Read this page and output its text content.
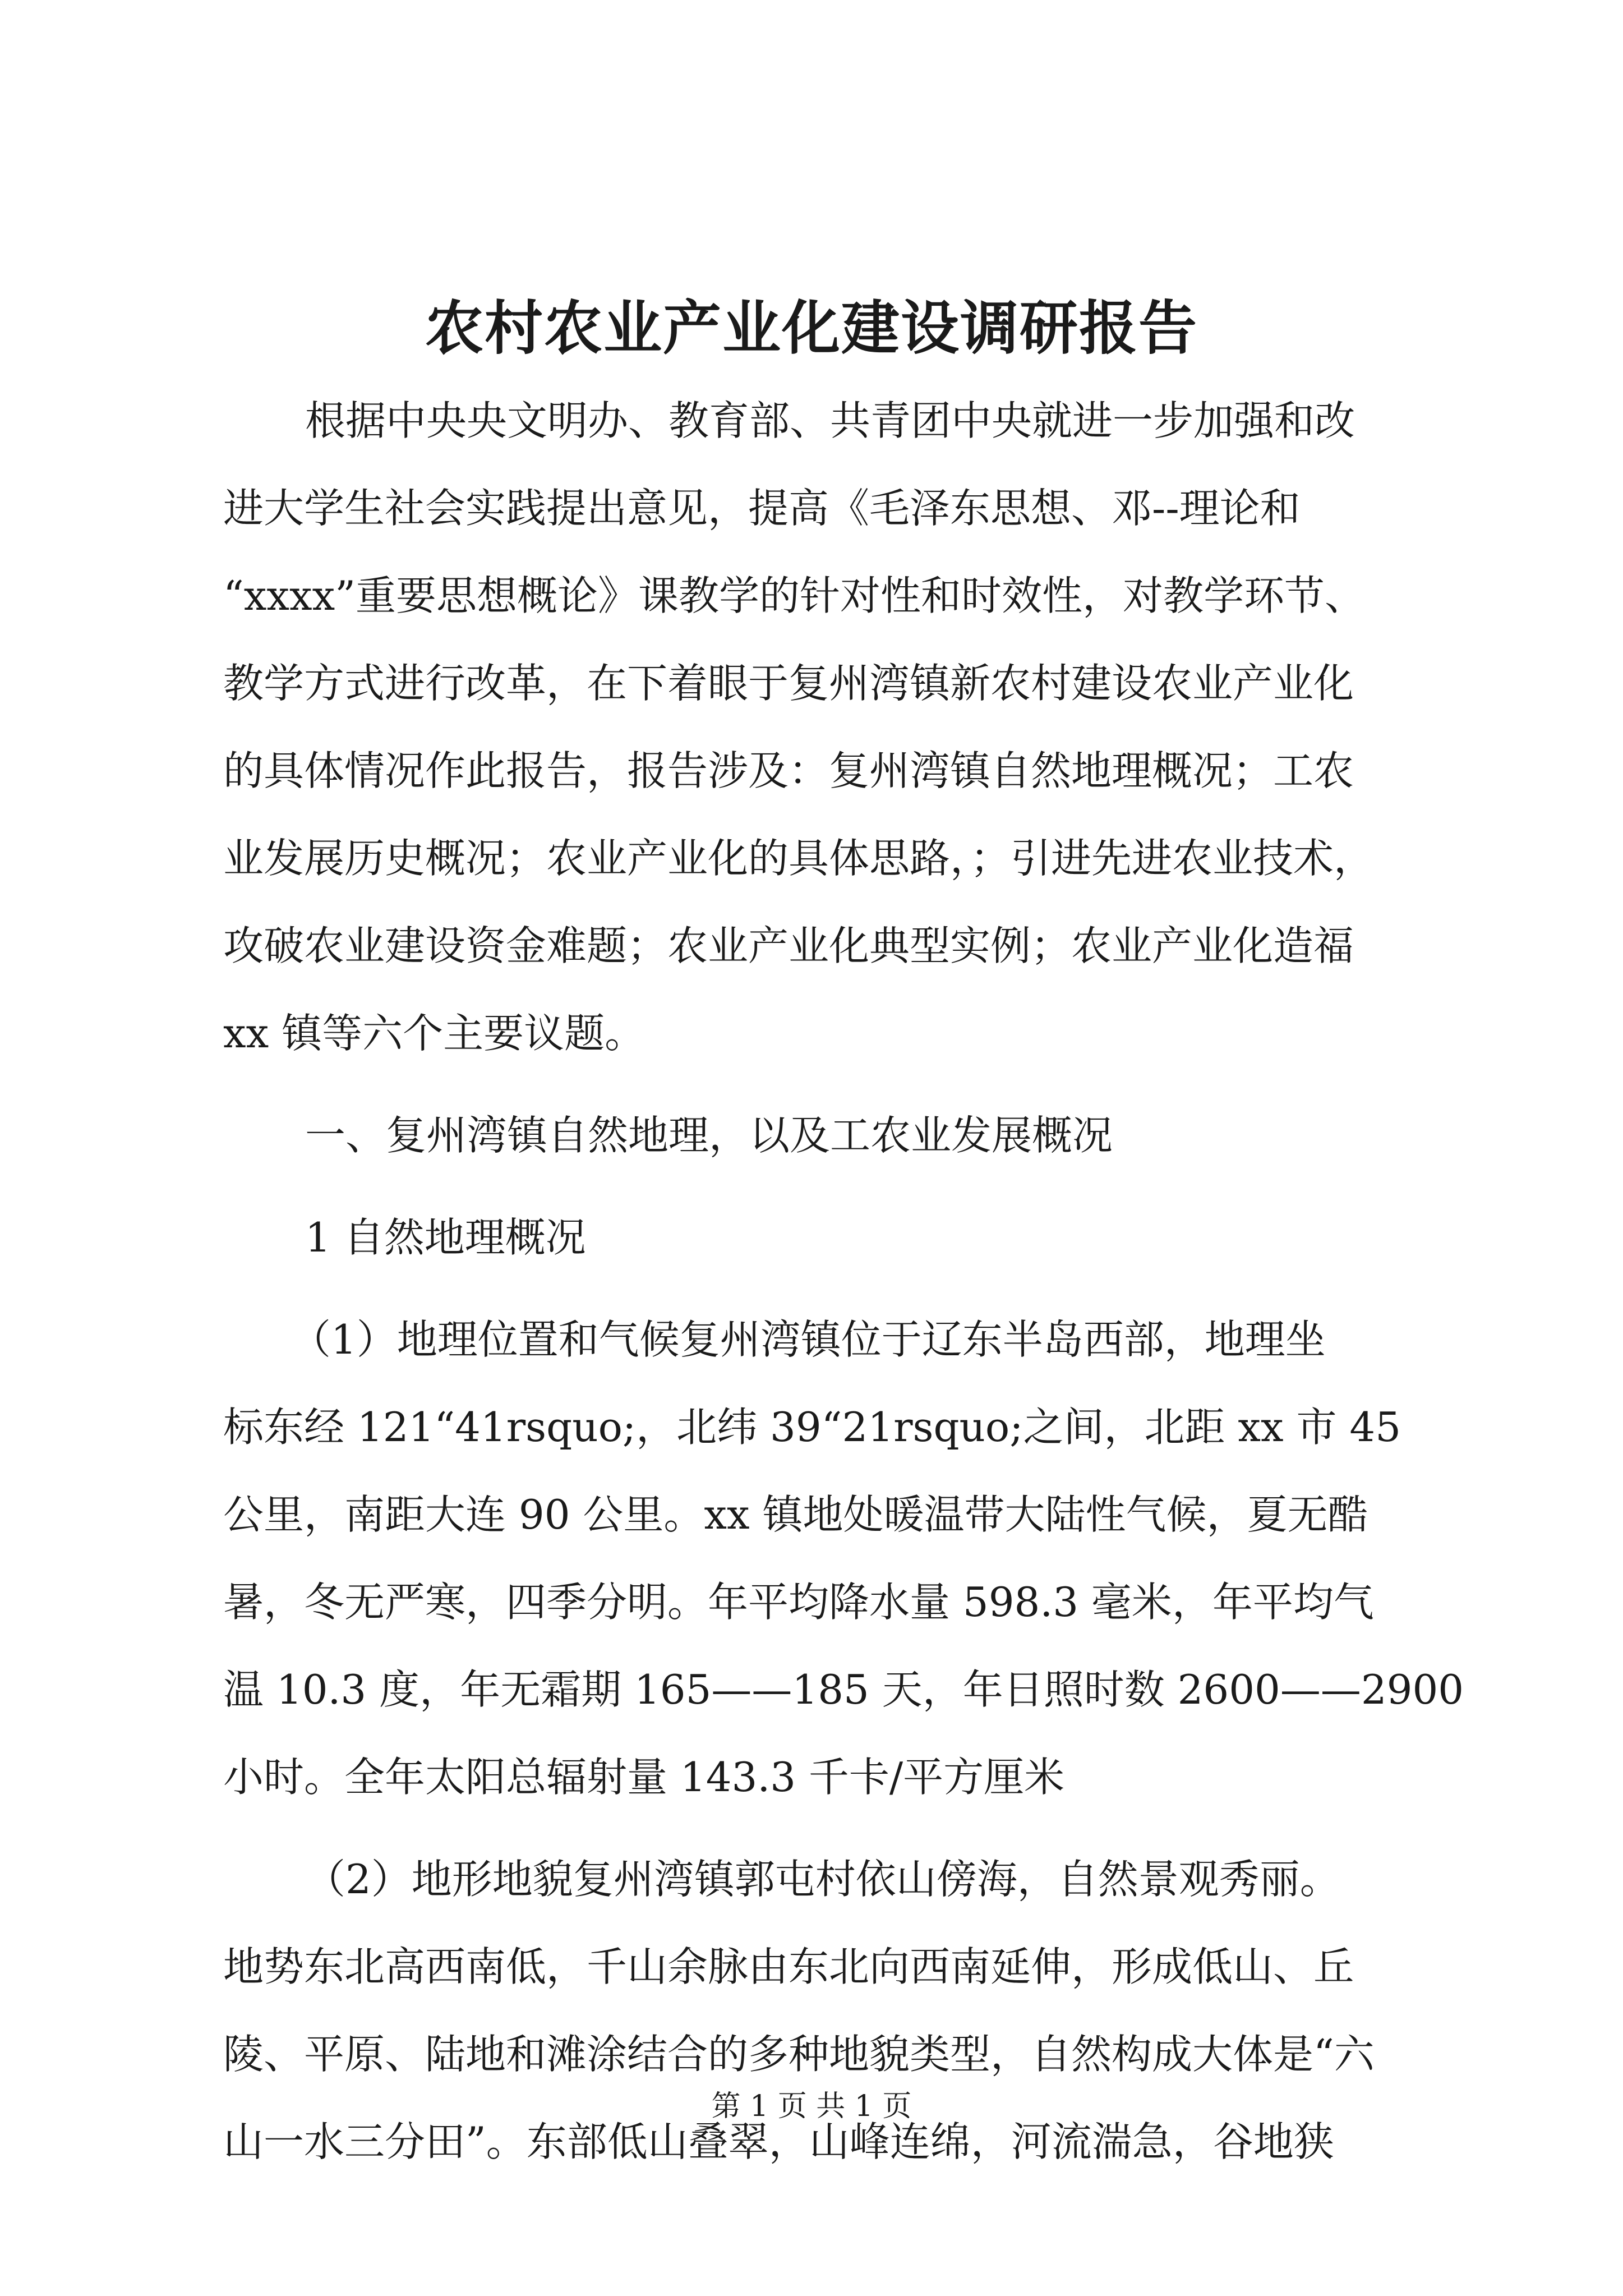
农村农业产业化建设调研报告
根据中央央文明办、教育部、共青团中央就进一步加强和改
进大学生社会实践提出意见，提高《毛泽东思想、邓--理论和
“xxxx”重要思想概论》课教学的针对性和时效性，对教学环节、
教学方式进行改革，在下着眼于复州湾镇新农村建设农业产业化
的具体情况作此报告，报告涉及：复州湾镇自然地理概况；工农
业发展历史概况；农业产业化的具体思路，；引进先进农业技术，
攻破农业建设资金难题；农业产业化典型实例；农业产业化造福
xx 镇等六个主要议题。
一、复州湾镇自然地理，以及工农业发展概况
1 自然地理概况
（1）地理位置和气候复州湾镇位于辽东半岛西部，地理坐
标东经 121“41rsquo;，北纬 39“21rsquo;之间，北距 xx 市 45
公里，南距大连 90 公里。xx 镇地处暖温带大陆性气候，夏无酷
暑，冬无严寒，四季分明。年平均降水量 598.3 毫米，年平均气
温 10.3 度，年无霜期 165——185 天，年日照时数 2600——2900
小时。全年太阳总辐射量 143.3 千卡/平方厘米
（2）地形地貌复州湾镇郭屯村依山傍海，自然景观秀丽。
地势东北高西南低，千山余脉由东北向西南延伸，形成低山、丘
陵、平原、陆地和滩涂结合的多种地貌类型，自然构成大体是“六
山一水三分田”。东部低山叠翠，山峰连绵，河流湍急，谷地狭
第 1 页 共 1 页
